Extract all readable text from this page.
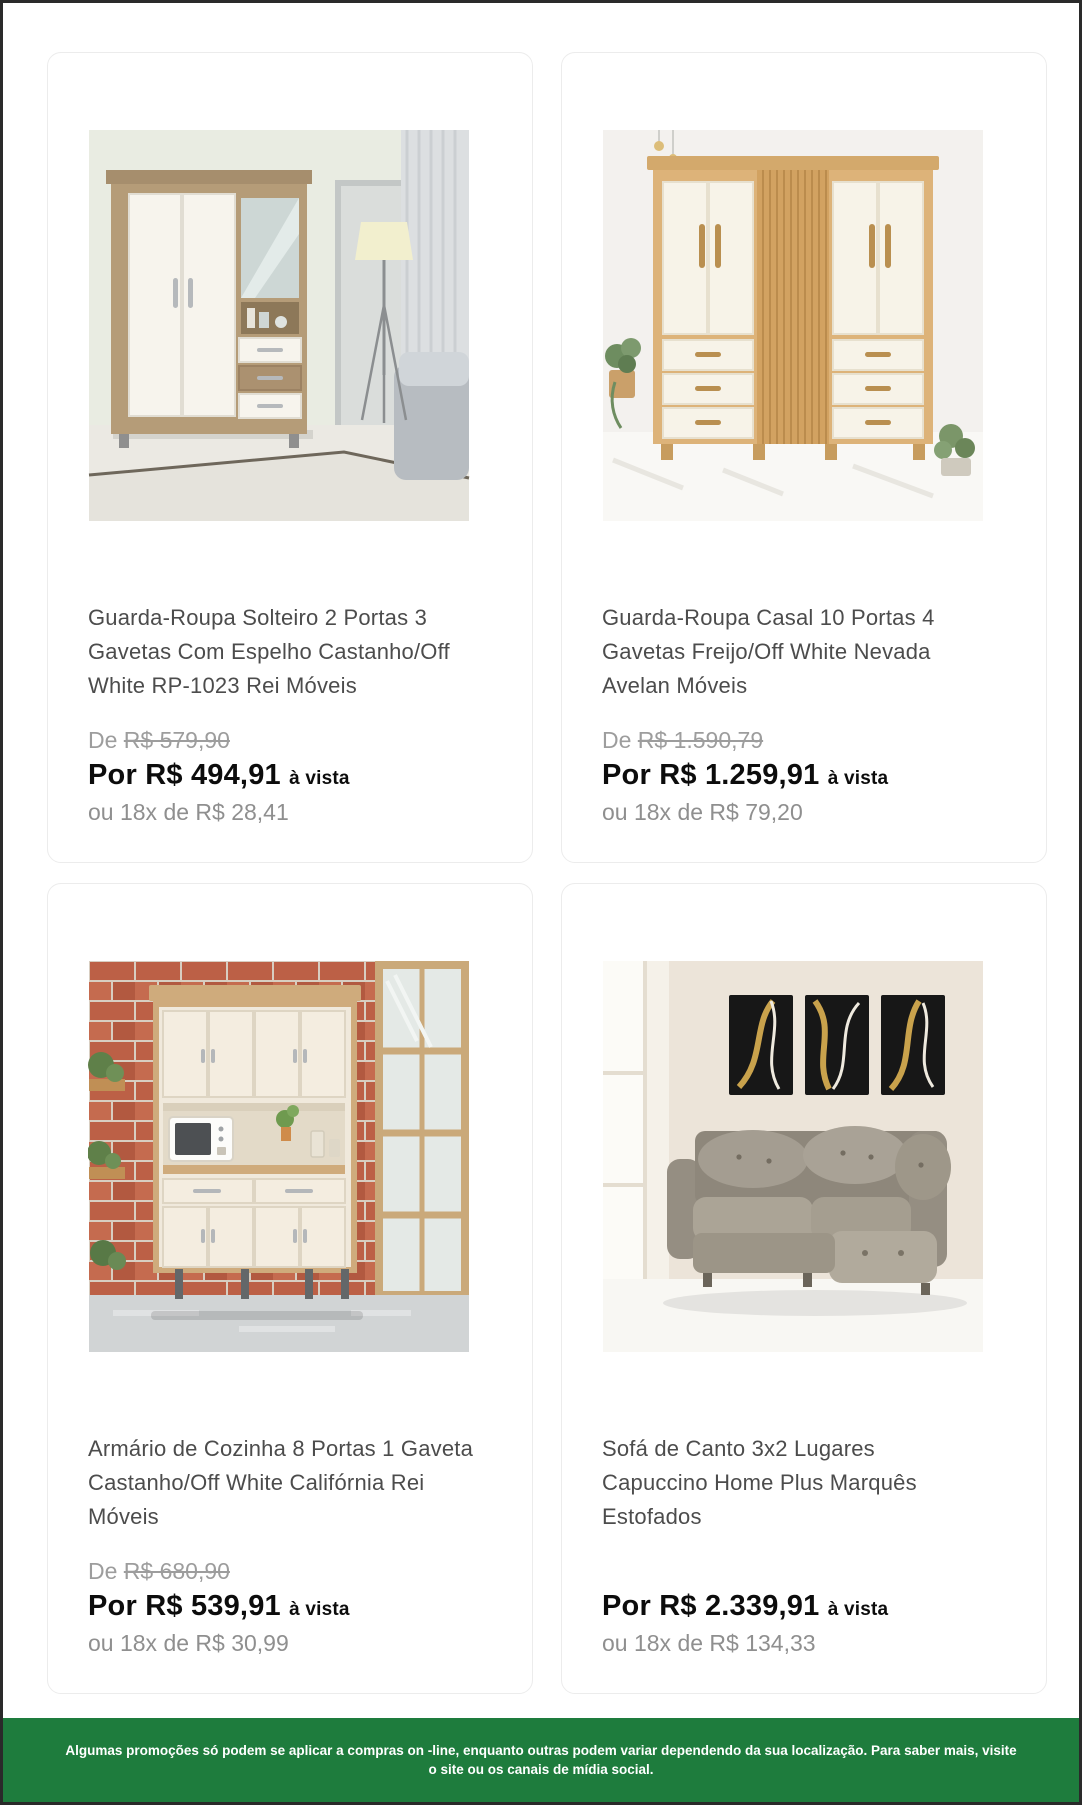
Guarda-Roupa Solteiro 2 Portas 3
Gavetas Com Espelho Castanho/Off
White RP-1023 Rei Móveis
De R$ 579,90
Por R$ 494,91 à vista
ou 18x de R$ 28,41
Guarda-Roupa Casal 10 Portas 4
Gavetas Freijo/Off White Nevada
Avelan Móveis
De R$ 1.590,79
Por R$ 1.259,91 à vista
ou 18x de R$ 79,20
Armário de Cozinha 8 Portas 1 Gaveta
Castanho/Off White Califórnia Rei
Móveis
De R$ 680,90
Por R$ 539,91 à vista
ou 18x de R$ 30,99
Sofá de Canto 3x2 Lugares
Capuccino Home Plus Marquês
Estofados
Por R$ 2.339,91 à vista
ou 18x de R$ 134,33
Algumas promoções só podem se aplicar a compras on -line, enquanto outras podem variar dependendo da sua localização. Para saber mais, visite
o site ou os canais de mídia social.
